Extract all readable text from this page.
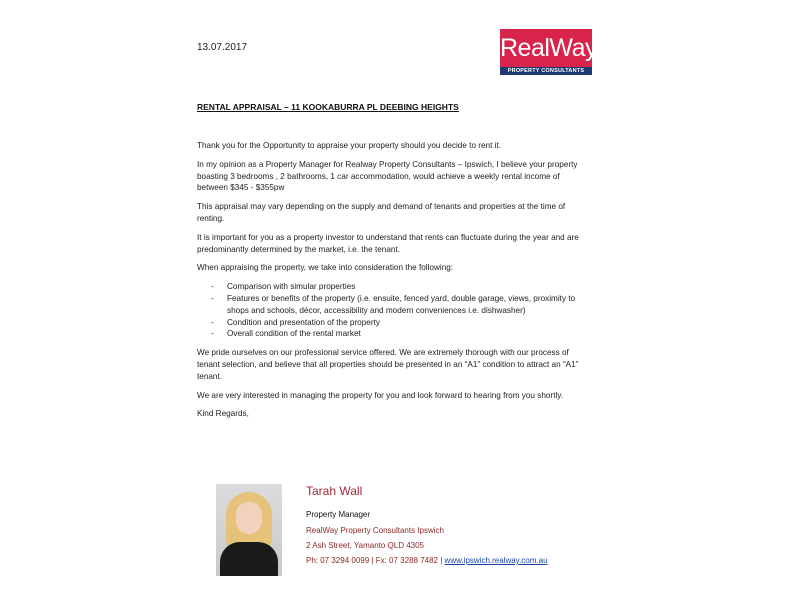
13.07.2017	RealWay
PROPERTY CONSULTANTS
RENTAL APPRAISAL – 11 KOOKABURRA PL DEEBING HEIGHTS

Thank you for the Opportunity to appraise your property should you decide to rent it.

In my opinion as a Property Manager for Realway Property Consultants – Ipswich, I believe your property boasting 3 bedrooms , 2 bathrooms, 1 car accommodation, would achieve a weekly rental income of between $345 - $355pw

This appraisal may vary depending on the supply and demand of tenants and properties at the time of renting.

It is important for you as a property investor to understand that rents can fluctuate during the year and are predominantly determined by the market, i.e. the tenant.

When appraising the property, we take into consideration the following:

- Comparison with simular properties
- Features or benefits of the property (i.e. ensuite, fenced yard, double garage, views, proximity to shops and schools, décor, accessibility and modern conveniences i.e. dishwasher)
- Condition and presentation of the property
- Overall condition of the rental market

We pride ourselves on our professional service offered. We are extremely thorough with our process of tenant selection, and believe that all properties should be presented in an “A1” condition to attract an “A1” tenant.

We are very interested in managing the property for you and look forward to hearing from you shortly.

Kind Regards,

Tarah Wall
Property Manager
RealWay Property Consultants Ipswich
2 Ash Street, Yamanto QLD 4305
Ph: 07 3294 0099 | Fx: 07 3288 7482 | www.ipswich.realway.com.au
